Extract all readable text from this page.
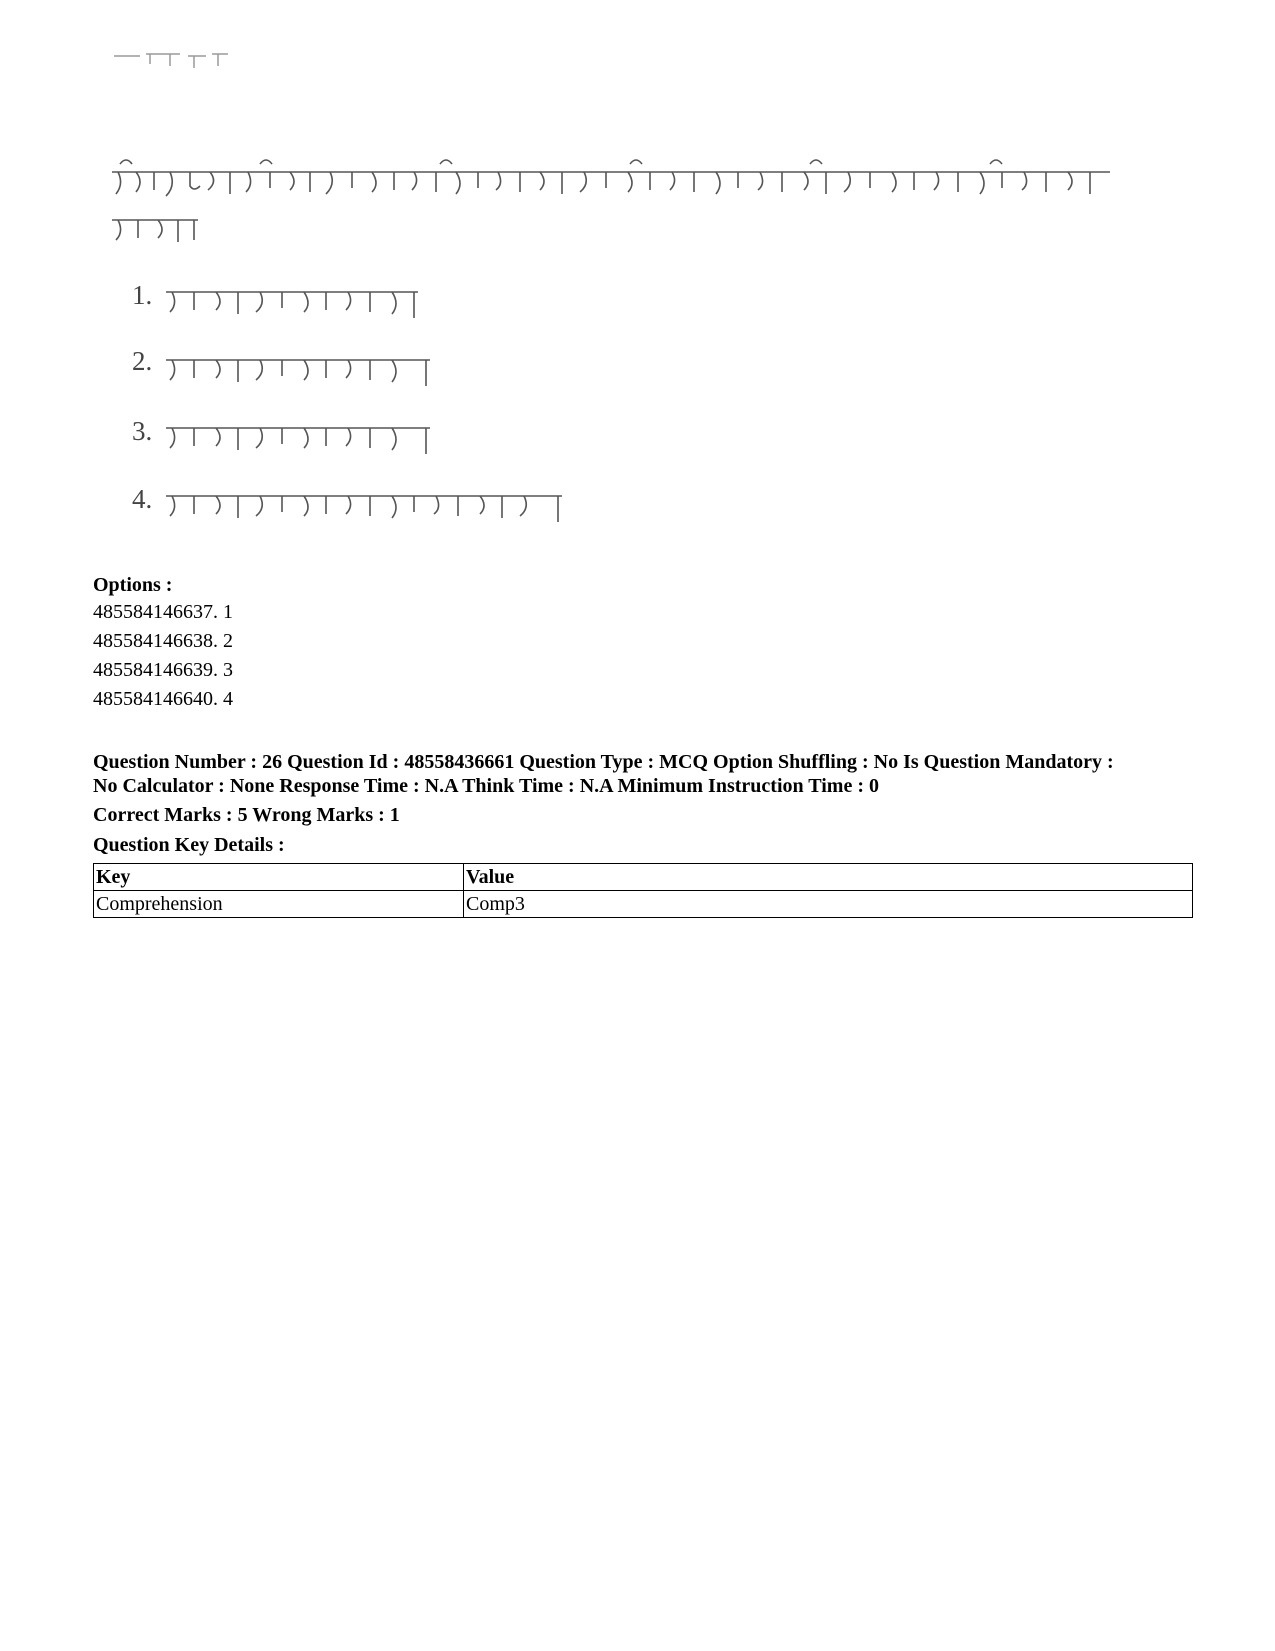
1.
2.
3.
4.

Options :

485584146637. 1

485584146638. 2

485584146639. 3

485584146640. 4

Question Number : 26 Question Id : 48558436661 Question Type : MCQ Option Shuffling : No Is Question Mandatory :

No Calculator : None Response Time : N.A Think Time : N.A Minimum Instruction Time : 0

Correct Marks : 5 Wrong Marks : 1
Question Key Details :
Key	Value
Comprehension	Comp3
